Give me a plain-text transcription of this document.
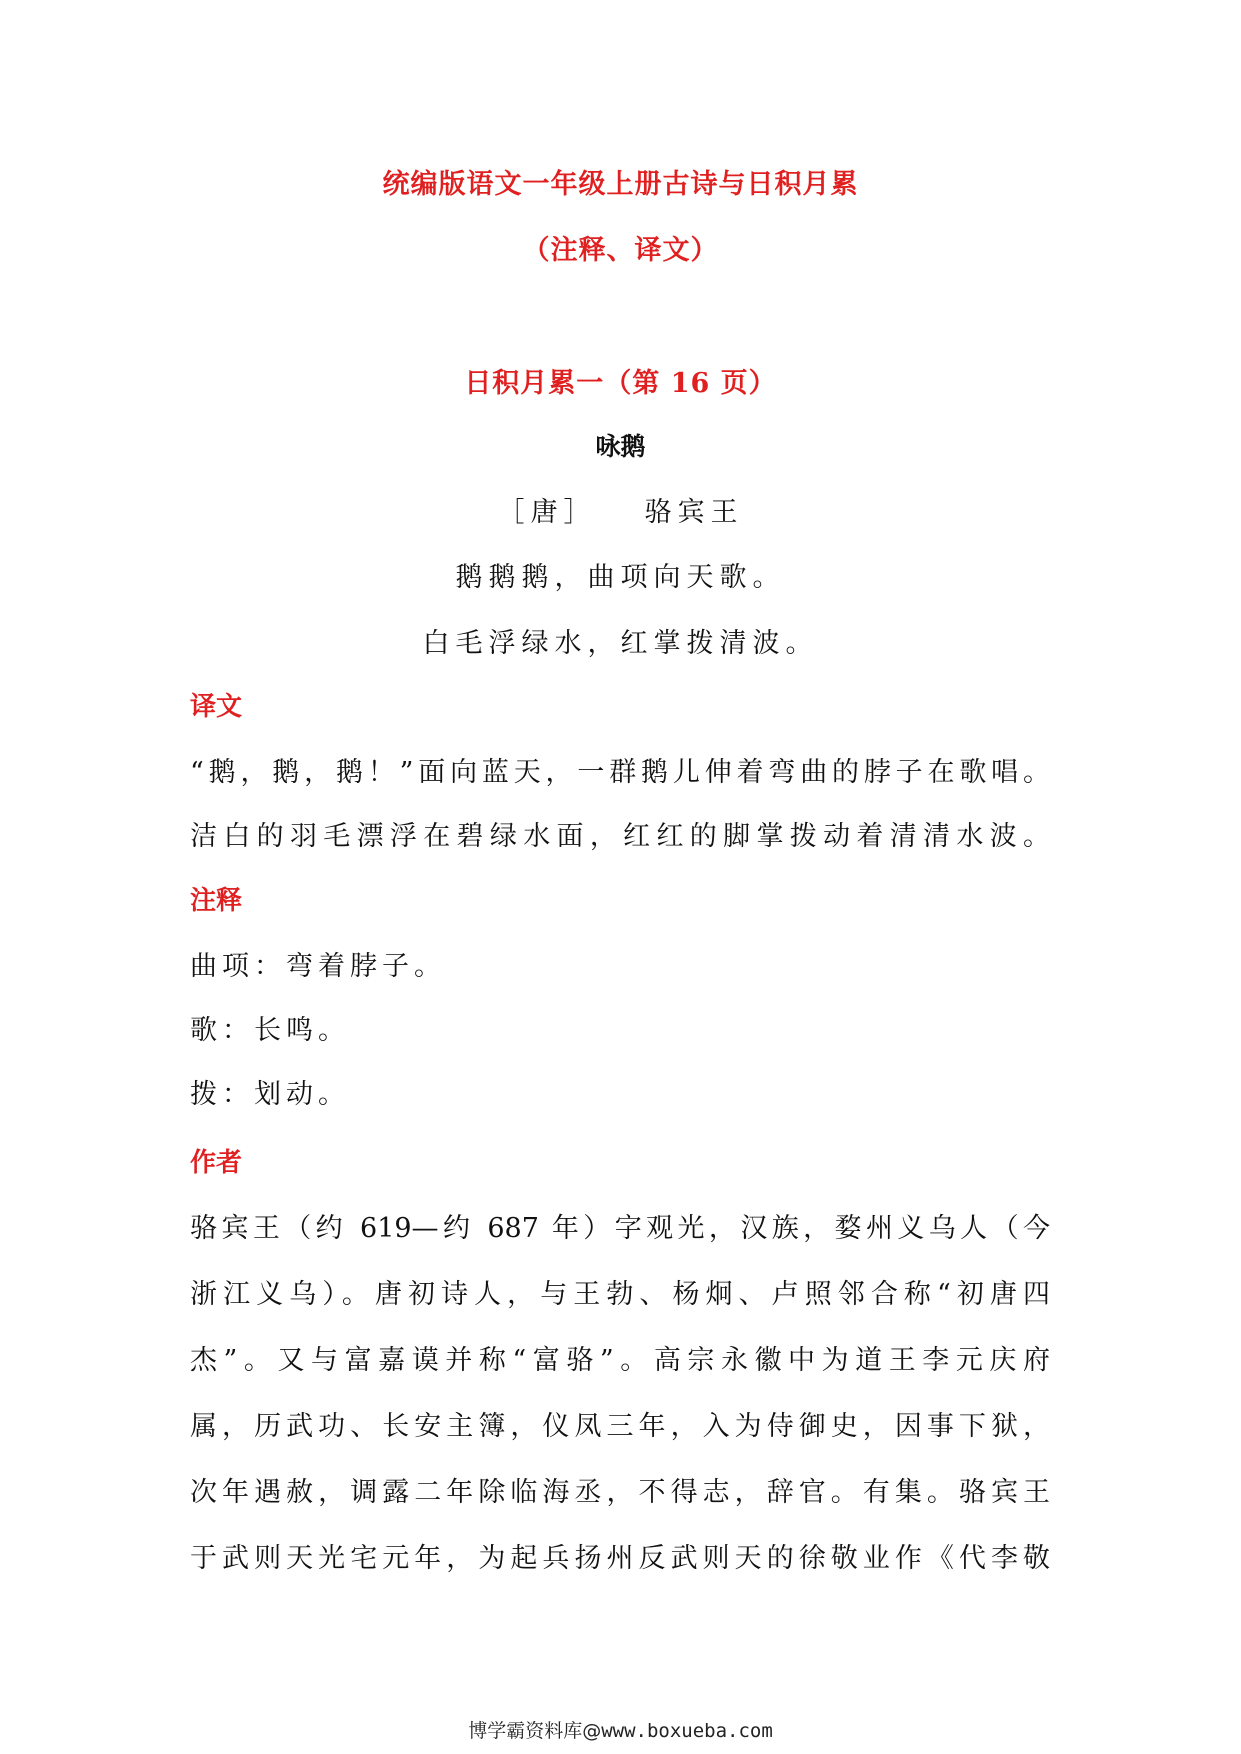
统编版语文一年级上册古诗与日积月累
（注释、译文）
日积月累一（第 16 页）
咏鹅
［唐］ 骆宾王
鹅鹅鹅，曲项向天歌。
白毛浮绿水，红掌拨清波。
译文
“鹅，鹅，鹅！”面向蓝天，一群鹅儿伸着弯曲的脖子在歌唱。
洁白的羽毛漂浮在碧绿水面，红红的脚掌拨动着清清水波。
注释
曲项：弯着脖子。
歌：长鸣。
拨：划动。
作者
骆宾王（约 619—约 687 年）字观光，汉族，婺州义乌人（今
浙江义乌）。唐初诗人，与王勃、杨炯、卢照邻合称“初唐四
杰”。又与富嘉谟并称“富骆”。高宗永徽中为道王李元庆府
属，历武功、长安主簿，仪凤三年，入为侍御史，因事下狱，
次年遇赦，调露二年除临海丞，不得志，辞官。有集。骆宾王
于武则天光宅元年，为起兵扬州反武则天的徐敬业作《代李敬
博学霸资料库@www.boxueba.com
